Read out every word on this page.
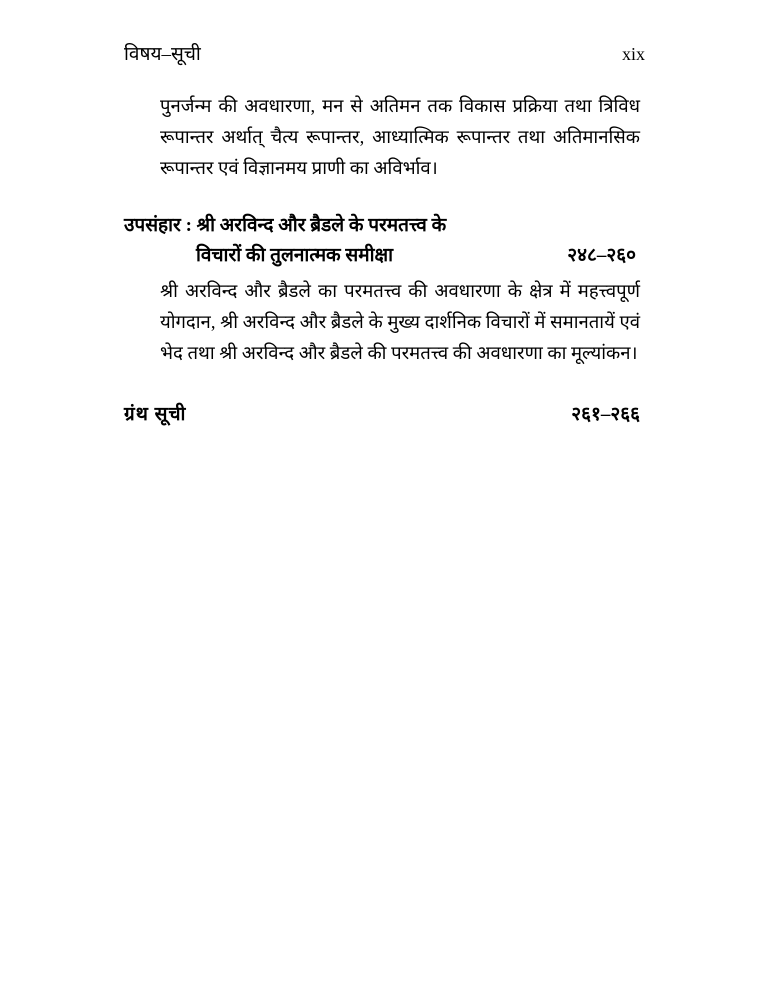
विषय–सूची	xix

पुनर्जन्म की अवधारणा, मन से अतिमन तक विकास प्रक्रिया तथा त्रिविध रूपान्तर अर्थात् चैत्य रूपान्तर, आध्यात्मिक रूपान्तर तथा अतिमानसिक रूपान्तर एवं विज्ञानमय प्राणी का अविर्भाव।

उपसंहार : श्री अरविन्द और ब्रैडले के परमतत्त्व के
विचारों की तुलनात्मक समीक्षा	२४८–२६०

श्री अरविन्द और ब्रैडले का परमतत्त्व की अवधारणा के क्षेत्र में महत्त्वपूर्ण योगदान, श्री अरविन्द और ब्रैडले के मुख्य दार्शनिक विचारों में समानतायें एवं भेद तथा श्री अरविन्द और ब्रैडले की परमतत्त्व की अवधारणा का मूल्यांकन।

ग्रंथ सूची	२६१–२६६
